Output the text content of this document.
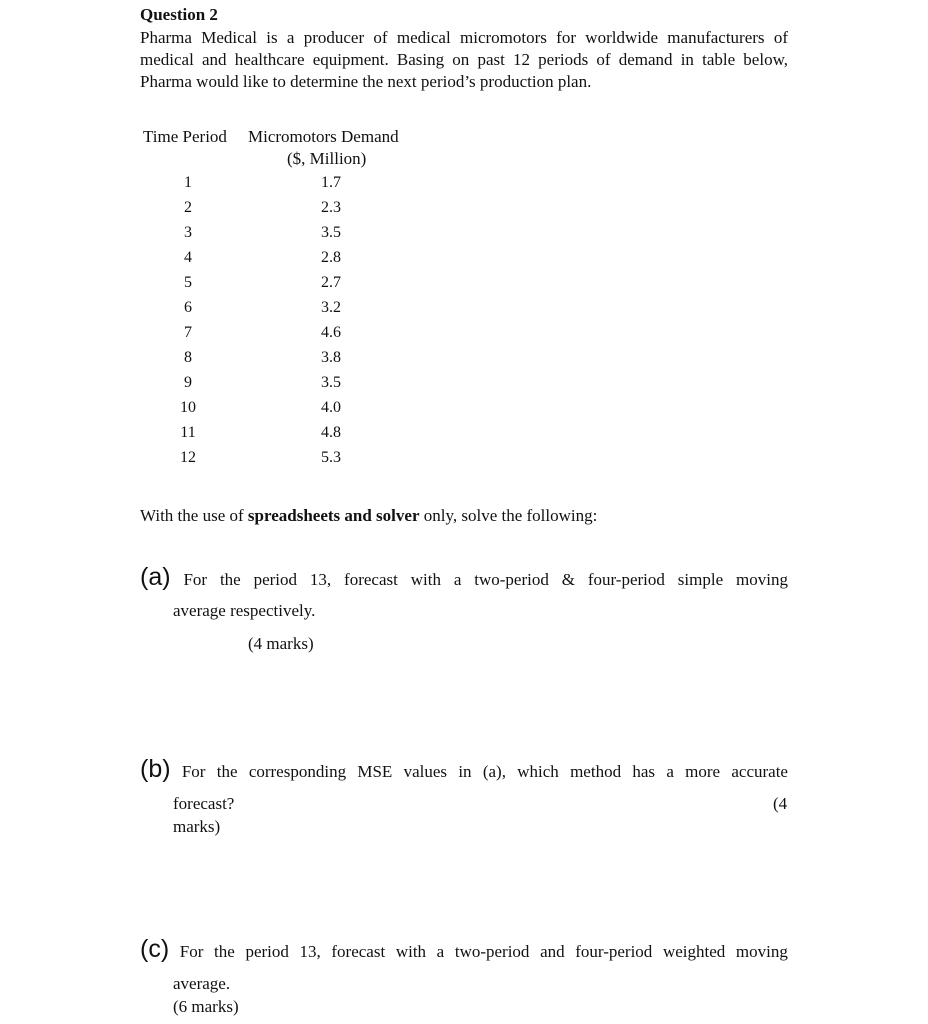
Question 2
Pharma Medical is a producer of medical micromotors for worldwide manufacturers of medical and healthcare equipment. Basing on past 12 periods of demand in table below, Pharma would like to determine the next period’s production plan.
Time Period Micromotors Demand
($, Million)
1	1.7
2	2.3
3	3.5
4	2.8
5	2.7
6	3.2
7	4.6
8	3.8
9	3.5
10	4.0
11	4.8
12	5.3
With the use of spreadsheets and solver only, solve the following:
(a) For the period 13, forecast with a two-period & four-period simple moving
average respectively.
(4 marks)
(b) For the corresponding MSE values in (a), which method has a more accurate
forecast?	(4
marks)
(c) For the period 13, forecast with a two-period and four-period weighted moving
average.
(6 marks)
